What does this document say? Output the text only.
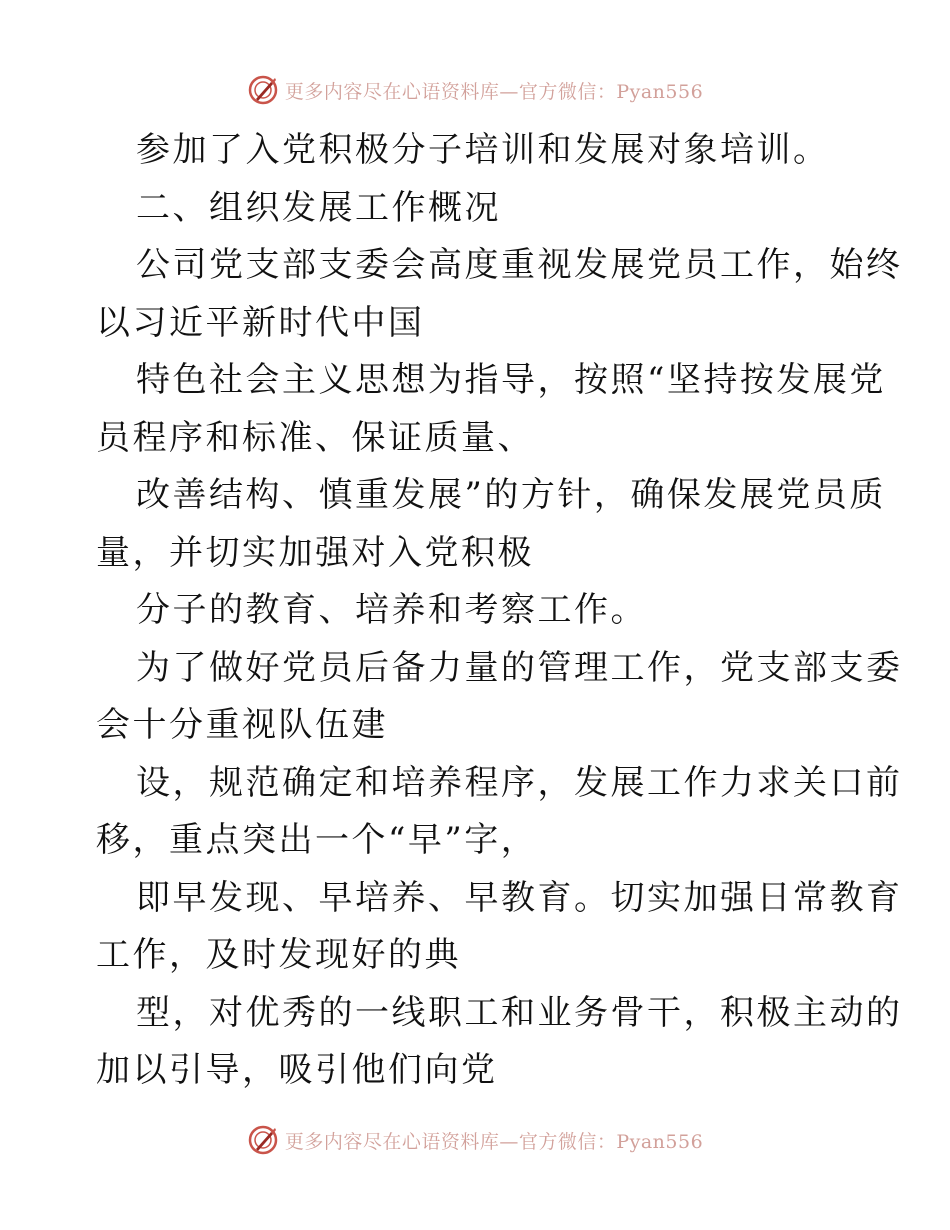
更多内容尽在心语资料库—官方微信：Pyan556

参加了入党积极分子培训和发展对象培训。

二、组织发展工作概况

公司党支部支委会高度重视发展党员工作，始终

以习近平新时代中国

特色社会主义思想为指导，按照“坚持按发展党

员程序和标准、保证质量、

改善结构、慎重发展”的方针，确保发展党员质

量，并切实加强对入党积极

分子的教育、培养和考察工作。

为了做好党员后备力量的管理工作，党支部支委

会十分重视队伍建

设，规范确定和培养程序，发展工作力求关口前

移，重点突出一个“早”字，

即早发现、早培养、早教育。切实加强日常教育

工作，及时发现好的典

型，对优秀的一线职工和业务骨干，积极主动的

加以引导，吸引他们向党

更多内容尽在心语资料库—官方微信：Pyan556
